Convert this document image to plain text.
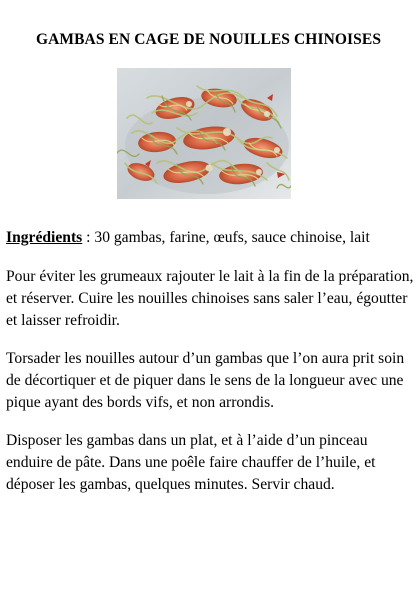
GAMBAS EN CAGE DE NOUILLES CHINOISES

Ingrédients : 30 gambas, farine, œufs, sauce chinoise, lait

Pour éviter les grumeaux rajouter le lait à la fin de la préparation, et réserver. Cuire les nouilles chinoises sans saler l’eau, égoutter et laisser refroidir.

Torsader les nouilles autour d’un gambas que l’on aura prit soin de décortiquer et de piquer dans le sens de la longueur avec une pique ayant des bords vifs, et non arrondis.

Disposer les gambas dans un plat, et à l’aide d’un pinceau enduire de pâte. Dans une poêle faire chauffer de l’huile, et déposer les gambas, quelques minutes. Servir chaud.
